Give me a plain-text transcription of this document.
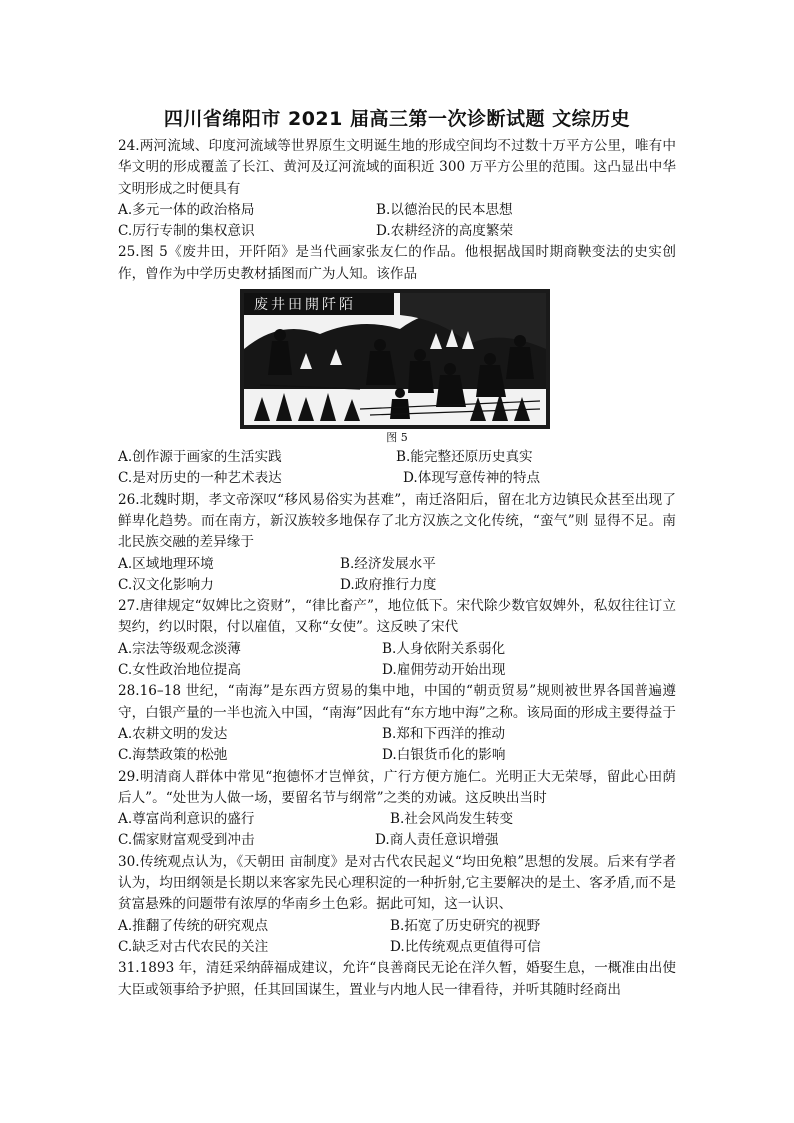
四川省绵阳市 2021 届高三第一次诊断试题 文综历史

24.两河流域、印度河流域等世界原生文明诞生地的形成空间均不过数十万平方公里，唯有中华文明的形成覆盖了长江、黄河及辽河流域的面积近 300 万平方公里的范围。这凸显出中华文明形成之时便具有

A.多元一体的政治格局	B.以德治民的民本思想
C.厉行专制的集权意识	D.农耕经济的高度繁荣

25.图 5《废井田，开阡陌》是当代画家张友仁的作品。他根据战国时期商鞅变法的史实创作，曾作为中学历史教材插图而广为人知。该作品

废井田開阡陌
图 5
A.创作源于画家的生活实践	B.能完整还原历史真实
C.是对历史的一种艺术表达	D.体现写意传神的特点

26.北魏时期，孝文帝深叹“移风易俗实为甚难”，南迁洛阳后，留在北方边镇民众甚至出现了鲜卑化趋势。而在南方，新汉族较多地保存了北方汉族之文化传统，“蛮气”则 显得不足。南北民族交融的差异缘于

A.区域地理环境	B.经济发展水平
C.汉文化影响力	D.政府推行力度

27.唐律规定“奴婢比之资财”，“律比畜产”，地位低下。宋代除少数官奴婢外，私奴往往订立契约，约以时限，付以雇值，又称“女使”。这反映了宋代

A.宗法等级观念淡薄	B.人身依附关系弱化
C.女性政治地位提高	D.雇佣劳动开始出现

28.16–18 世纪，“南海”是东西方贸易的集中地，中国的“朝贡贸易”规则被世界各国普遍遵守，白银产量的一半也流入中国，“南海”因此有“东方地中海”之称。该局面的形成主要得益于

A.农耕文明的发达	B.郑和下西洋的推动
C.海禁政策的松弛	D.白银货币化的影响

29.明清商人群体中常见“抱德怀才岂惮贫，广行方便方施仁。光明正大无荣辱，留此心田荫后人”。“处世为人做一场，要留名节与纲常”之类的劝诫。这反映出当时

A.尊富尚利意识的盛行	B.社会风尚发生转变
C.儒家财富观受到冲击	D.商人责任意识增强

30.传统观点认为，《天朝田 亩制度》是对古代农民起义“均田免粮”思想的发展。后来有学者认为，均田纲领是长期以来客家先民心理积淀的一种折射,它主要解决的是土、客矛盾,而不是贫富悬殊的问题带有浓厚的华南乡土色彩。据此可知，这一认识、

A.推翻了传统的研究观点	B.拓宽了历史研究的视野
C.缺乏对古代农民的关注	D.比传统观点更值得可信

31.1893 年，清廷采纳薛福成建议，允许“良善商民无论在洋久暂，婚娶生息，一概准由出使大臣或领事给予护照，任其回国谋生，置业与内地人民一律看待，并听其随时经商出
